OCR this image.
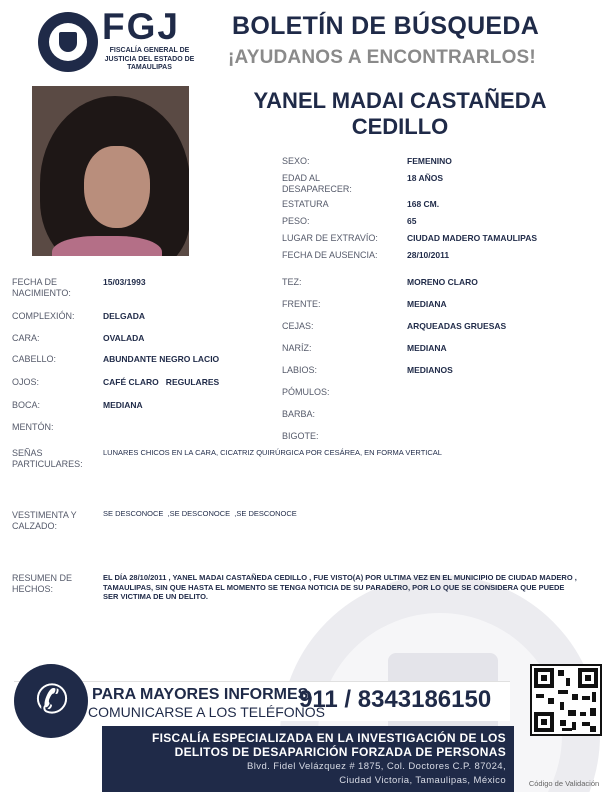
FGJ
FISCALÍA GENERAL DE JUSTICIA DEL ESTADO DE TAMAULIPAS
BOLETÍN DE BÚSQUEDA
¡AYUDANOS A ENCONTRARLOS!
YANEL MADAI CASTAÑEDA
CEDILLO
SEXO:	FEMENINO
EDAD AL DESAPARECER:
18 AÑOS
ESTATURA	168 CM.
PESO:	65
LUGAR DE EXTRAVÍO:	CIUDAD MADERO TAMAULIPAS
FECHA DE AUSENCIA:	28/10/2011
FECHA DE NACIMIENTO:
15/03/1993
COMPLEXIÓN:	DELGADA
CARA:	OVALADA
CABELLO:	ABUNDANTE NEGRO LACIO
OJOS:	CAFÉ CLARO   REGULARES
BOCA:	MEDIANA
MENTÓN:
TEZ:	MORENO CLARO
FRENTE:	MEDIANA
CEJAS:	ARQUEADAS GRUESAS
NARÍZ:	MEDIANA
LABIOS:	MEDIANOS
PÓMULOS:
BARBA:
BIGOTE:
SEÑAS PARTICULARES:
LUNARES CHICOS EN LA CARA, CICATRIZ QUIRÚRGICA POR CESÁREA, EN FORMA VERTICAL
VESTIMENTA Y CALZADO:
SE DESCONOCE  ,SE DESCONOCE  ,SE DESCONOCE
RESUMEN DE HECHOS:
EL DÍA 28/10/2011 , YANEL MADAI CASTAÑEDA CEDILLO , FUE VISTO(A) POR ULTIMA VEZ EN EL MUNICIPIO DE CIUDAD MADERO , TAMAULIPAS, SIN QUE HASTA EL MOMENTO SE TENGA NOTICIA DE SU PARADERO, POR LO QUE SE CONSIDERA QUE PUEDE SER VICTIMA DE UN DELITO.
✆	PARA MAYORES INFORMES,
COMUNICARSE A LOS TELÉFONOS
911 / 8343186150
FISCALÍA ESPECIALIZADA EN LA INVESTIGACIÓN DE LOS
DELITOS DE DESAPARICIÓN FORZADA DE PERSONAS
Blvd. Fidel Velázquez # 1875, Col. Doctores C.P. 87024,
Ciudad Victoria, Tamaulipas, México	Código de Validación
